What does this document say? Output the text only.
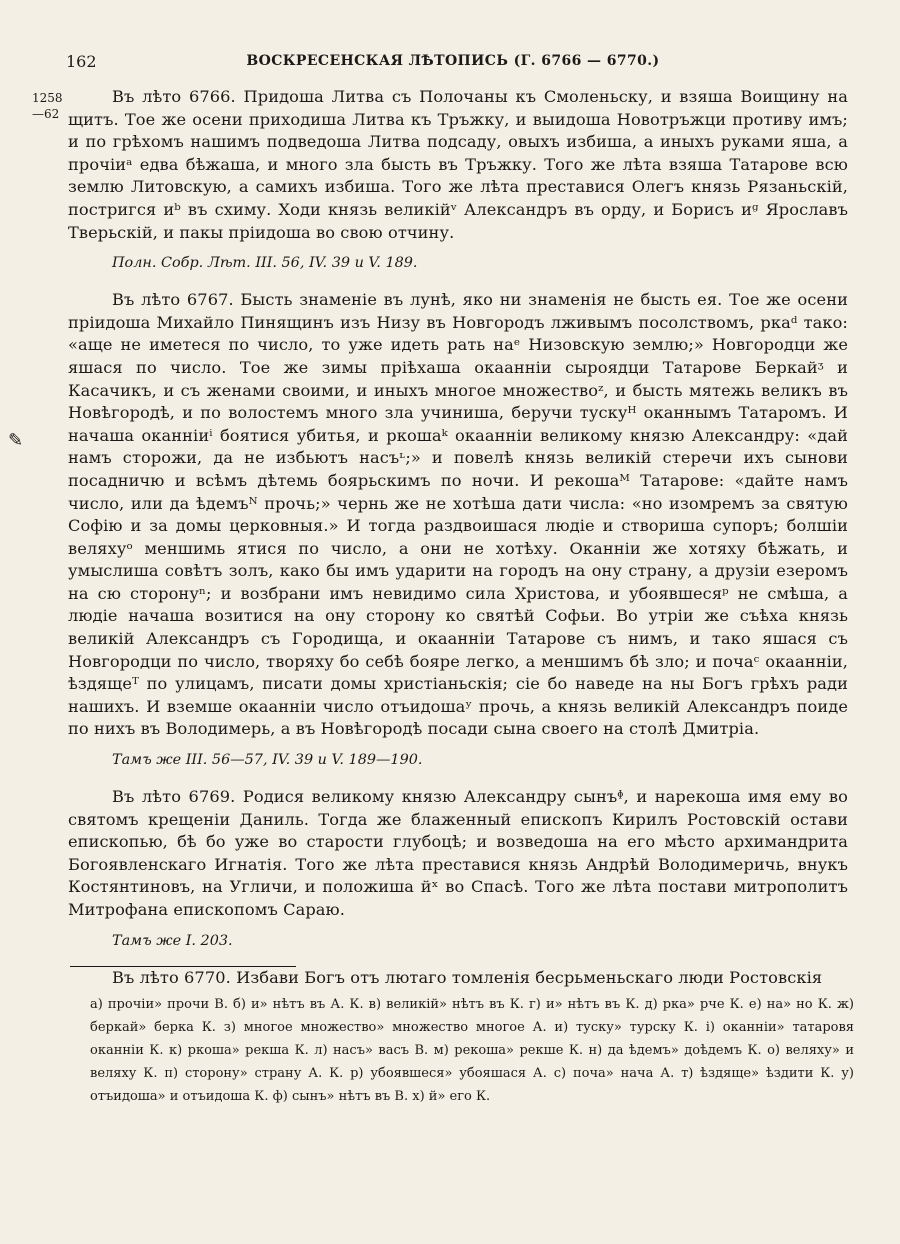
162	ВОСКРЕСЕНСКАЯ ЛѢТОПИСЬ (Г. 6766 — 6770.)
1258
—62
✎

Въ лѣто 6766. Придоша Литва съ Полочаны къ Смоленьску, и взяша Воищину на щитъ. Тое же осени приходиша Литва къ Тръжку, и выидоша Новотръжци противу имъ; и по грѣхомъ нашимъ подведоша Литва подсаду, овыхъ избиша, а иныхъ руками яша, а прочіиᵃ едва бѣжаша, и много зла бысть въ Тръжку. Того же лѣта взяша Татарове всю землю Литовскую, а самихъ избиша. Того же лѣта преставися Олегъ князь Рязаньскій, постригся иᵇ въ схиму. Ходи князь великійᵛ Александръ въ орду, и Борисъ иᵍ Ярославъ Тверьскій, и пакы пріидоша во свою отчину.

Полн. Собр. Лѣт. III. 56, IV. 39 и V. 189.

Въ лѣто 6767. Бысть знаменіе въ лунѣ, яко ни знаменія не бысть ея. Тое же осени пріидоша Михайло Пинящинъ изъ Низу въ Новгородъ лживымъ посолствомъ, ркаᵈ тако: «аще не иметеся по число, то уже идеть рать наᵉ Низовскую землю;» Новгородци же яшася по число. Тое же зимы пріѣхаша окаанніи сыроядци Татарове Беркайᶾ и Касачикъ, и съ женами своими, и иныхъ многое множествоᶻ, и бысть мятежь великъ въ Новѣгородѣ, и по волостемъ много зла учиниша, беручи тускуᴴ оканнымъ Татаромъ. И начаша оканніиⁱ боятися убитья, и ркошаᵏ окаанніи великому князю Александру: «дай намъ сторожи, да не избьютъ насъᶫ;» и повелѣ князь великій стеречи ихъ сынови посадничю и всѣмъ дѣтемь боярьскимъ по ночи. И рекошаᴹ Татарове: «дайте намъ число, или да ѣдемъᴺ прочь;» чернь же не хотѣша дати числа: «но изомремъ за святую Софію и за домы церковныя.» И тогда раздвоишася людіе и створиша супоръ; болшіи веляхуᵒ меншимь ятися по число, а они не хотѣху. Оканніи же хотяху бѣжать, и умыслиша совѣтъ золъ, како бы имъ ударити на городъ на ону страну, а друзіи езеромъ на сю сторонуⁿ; и возбрани имъ невидимо сила Христова, и убоявшесяᵖ не смѣша, а людіе начаша возитися на ону сторону ко святѣй Софьи. Во утріи же съѣха князь великій Александръ съ Городища, и окаанніи Татарове съ нимъ, и тако яшася съ Новгородци по число, творяху бо себѣ бояре легко, а меншимъ бѣ зло; и почаᶜ окаанніи, ѣздящеᵀ по улицамъ, писати домы христіаньскія; сіе бо наведе на ны Богъ грѣхъ ради нашихъ. И вземше окаанніи число отъидошаʸ прочь, а князь великій Александръ поиде по нихъ въ Володимерь, а въ Новѣгородѣ посади сына своего на столѣ Дмитріа.

Тамъ же III. 56—57, IV. 39 и V. 189—190.

Въ лѣто 6769. Родися великому князю Александру сынъᶲ, и нарекоша имя ему во святомъ крещеніи Даниль. Тогда же блаженный епископъ Кирилъ Ростовскій остави епископью, бѣ бо уже во старости глубоцѣ; и возведоша на его мѣсто архимандрита Богоявленскаго Игнатія. Того же лѣта преставися князь Андрѣй Володимеричь, внукъ Костянтиновъ, на Угличи, и положиша йˣ во Спасѣ. Того же лѣта постави митрополитъ Митрофана епископомъ Сараю.

Тамъ же I. 203.

Въ лѣто 6770. Избави Богъ отъ лютаго томленія бесрьменьскаго люди Ростовскія

а) прочіи» прочи В. б) и» нѣтъ въ А. К. в) великій» нѣтъ въ К. г) и» нѣтъ въ К. д) рка» рче К. е) на» но К. ж) беркай» берка К. з) многое множество» множество многое А. и) туску» турску К. і) оканніи» татаровя оканніи К. к) ркоша» рекша К. л) насъ» васъ В. м) рекоша» рекше К. н) да ѣдемъ» доѣдемъ К. о) веляху» и веляху К. п) сторону» страну А. К. р) убоявшеся» убояшася А. с) поча» нача А. т) ѣздяще» ѣздити К. у) отъидоша» и отъидоша К. ф) сынъ» нѣтъ въ В. х) й» его К.
